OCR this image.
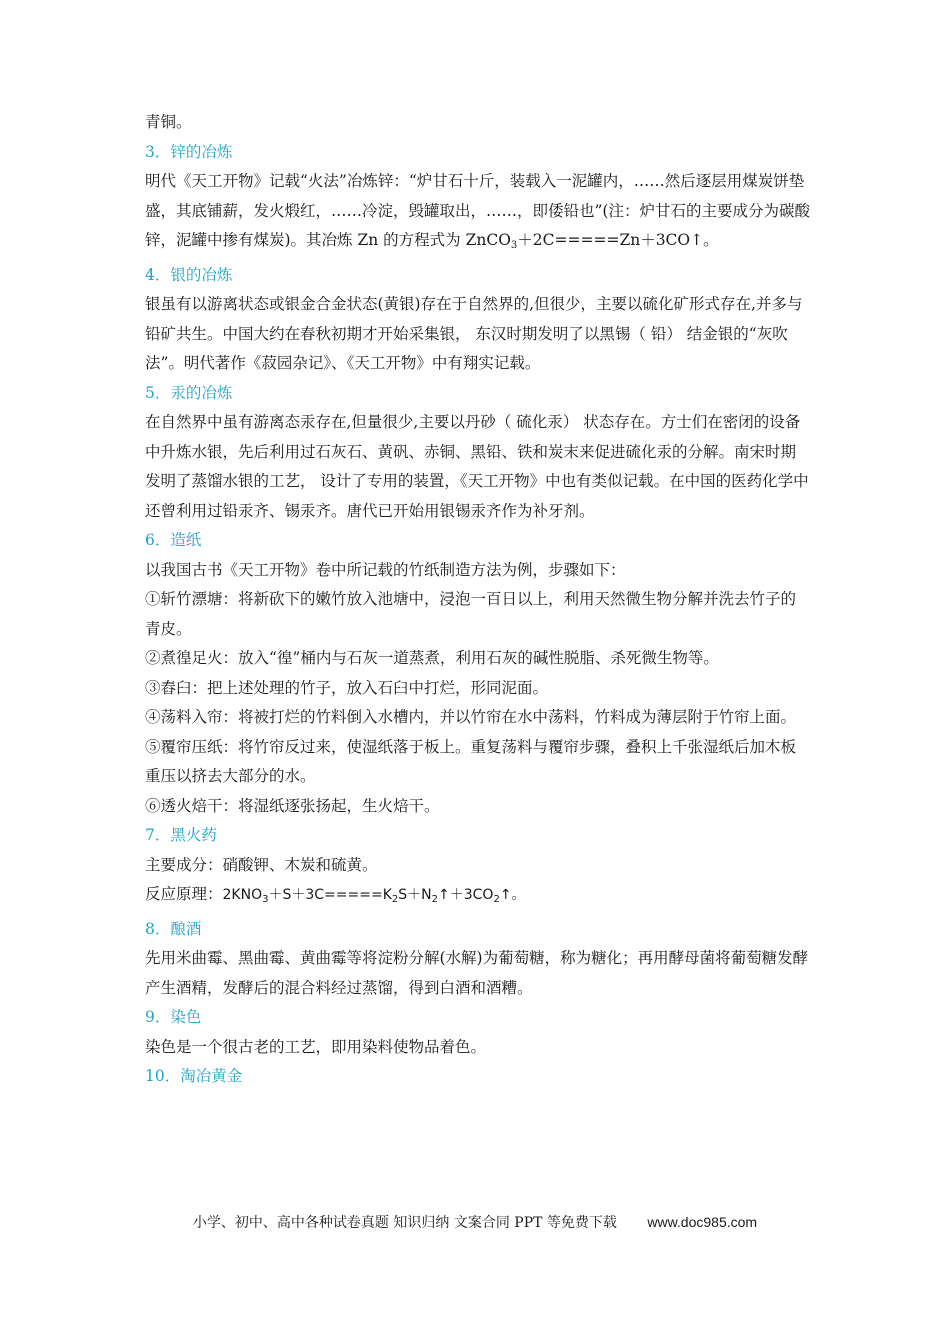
青铜。

3．锌的冶炼

明代《天工开物》记载“火法”冶炼锌：“炉甘石十斤，装载入一泥罐内，……然后逐层用煤炭饼垫盛，其底铺薪，发火煅红，……冷淀，毁罐取出，……，即倭铅也”(注：炉甘石的主要成分为碳酸锌，泥罐中掺有煤炭)。其冶炼 Zn 的方程式为 ZnCO$_3$＋2C=====Zn＋3CO↑。

4．银的冶炼

银虽有以游离状态或银金合金状态(黄银)存在于自然界的,但很少，主要以硫化矿形式存在,并多与铅矿共生。中国大约在春秋初期才开始采集银， 东汉时期发明了以黑锡（ 铅） 结金银的“灰吹法”。明代著作《菽园杂记》、《天工开物》中有翔实记载。

5．汞的冶炼

在自然界中虽有游离态汞存在,但量很少,主要以丹砂（ 硫化汞） 状态存在。方士们在密闭的设备中升炼水银，先后利用过石灰石、黄矾、赤铜、黑铅、铁和炭末来促进硫化汞的分解。南宋时期发明了蒸馏水银的工艺， 设计了专用的装置，《天工开物》中也有类似记载。在中国的医药化学中还曾利用过铅汞齐、锡汞齐。唐代已开始用银锡汞齐作为补牙剂。

6．造纸

以我国古书《天工开物》卷中所记载的竹纸制造方法为例，步骤如下：

①斩竹漂塘：将新砍下的嫩竹放入池塘中，浸泡一百日以上，利用天然微生物分解并洗去竹子的青皮。

②煮徨足火：放入“徨”桶内与石灰一道蒸煮，利用石灰的碱性脱脂、杀死微生物等。

③舂臼：把上述处理的竹子，放入石臼中打烂，形同泥面。

④荡料入帘：将被打烂的竹料倒入水槽内，并以竹帘在水中荡料，竹料成为薄层附于竹帘上面。

⑤覆帘压纸：将竹帘反过来，使湿纸落于板上。重复荡料与覆帘步骤，叠积上千张湿纸后加木板重压以挤去大部分的水。

⑥透火焙干：将湿纸逐张扬起，生火焙干。

7．黑火药

主要成分：硝酸钾、木炭和硫黄。

反应原理：$2KNO_3+S+3C=====K_2S+N_2↑+3CO_2↑$。

8．酿酒

先用米曲霉、黑曲霉、黄曲霉等将淀粉分解(水解)为葡萄糖，称为糖化；再用酵母菌将葡萄糖发酵产生酒精，发酵后的混合料经过蒸馏，得到白酒和酒糟。

9．染色

染色是一个很古老的工艺，即用染料使物品着色。

10．淘冶黄金

小学、初中、高中各种试卷真题 知识归纳 文案合同 PPT 等免费下载 www.doc985.com
